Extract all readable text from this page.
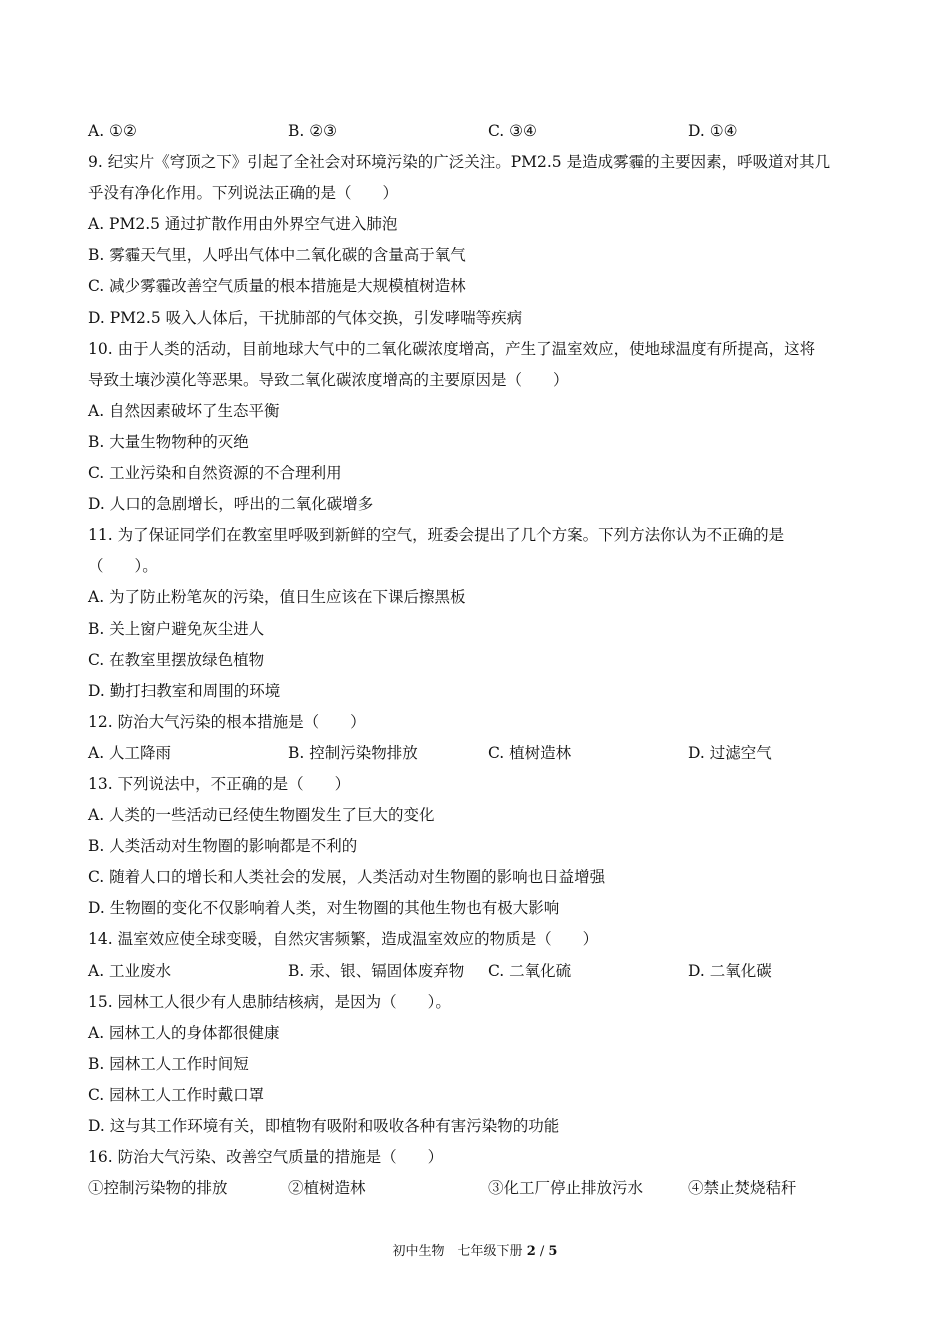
A. ①②	B. ②③	C. ③④	D. ①④
9. 纪实片《穹顶之下》引起了全社会对环境污染的广泛关注。PM2.5 是造成雾霾的主要因素，呼吸道对其几
乎没有净化作用。下列说法正确的是（　　）
A. PM2.5 通过扩散作用由外界空气进入肺泡
B. 雾霾天气里，人呼出气体中二氧化碳的含量高于氧气
C. 减少雾霾改善空气质量的根本措施是大规模植树造林
D. PM2.5 吸入人体后，干扰肺部的气体交换，引发哮喘等疾病
10. 由于人类的活动，目前地球大气中的二氧化碳浓度增高，产生了温室效应，使地球温度有所提高，这将
导致土壤沙漠化等恶果。导致二氧化碳浓度增高的主要原因是（　　）
A. 自然因素破坏了生态平衡
B. 大量生物物种的灭绝
C. 工业污染和自然资源的不合理利用
D. 人口的急剧增长，呼出的二氧化碳增多
11. 为了保证同学们在教室里呼吸到新鲜的空气，班委会提出了几个方案。下列方法你认为不正确的是
（　　）。
A. 为了防止粉笔灰的污染，值日生应该在下课后擦黑板
B. 关上窗户避免灰尘进人
C. 在教室里摆放绿色植物
D. 勤打扫教室和周围的环境
12. 防治大气污染的根本措施是（　　）
A. 人工降雨	B. 控制污染物排放	C. 植树造林	D. 过滤空气
13. 下列说法中，不正确的是（　　）
A. 人类的一些活动已经使生物圈发生了巨大的变化
B. 人类活动对生物圈的影响都是不利的
C. 随着人口的增长和人类社会的发展，人类活动对生物圈的影响也日益增强
D. 生物圈的变化不仅影响着人类，对生物圈的其他生物也有极大影响
14. 温室效应使全球变暖，自然灾害频繁，造成温室效应的物质是（　　）
A. 工业废水	B. 汞、银、镉固体废弃物	C. 二氧化硫	D. 二氧化碳
15. 园林工人很少有人患肺结核病，是因为（　　）。
A. 园林工人的身体都很健康
B. 园林工人工作时间短
C. 园林工人工作时戴口罩
D. 这与其工作环境有关，即植物有吸附和吸收各种有害污染物的功能
16. 防治大气污染、改善空气质量的措施是（　　）
①控制污染物的排放	②植树造林	③化工厂停止排放污水	④禁止焚烧秸秆
初中生物　七年级下册 2 / 5
